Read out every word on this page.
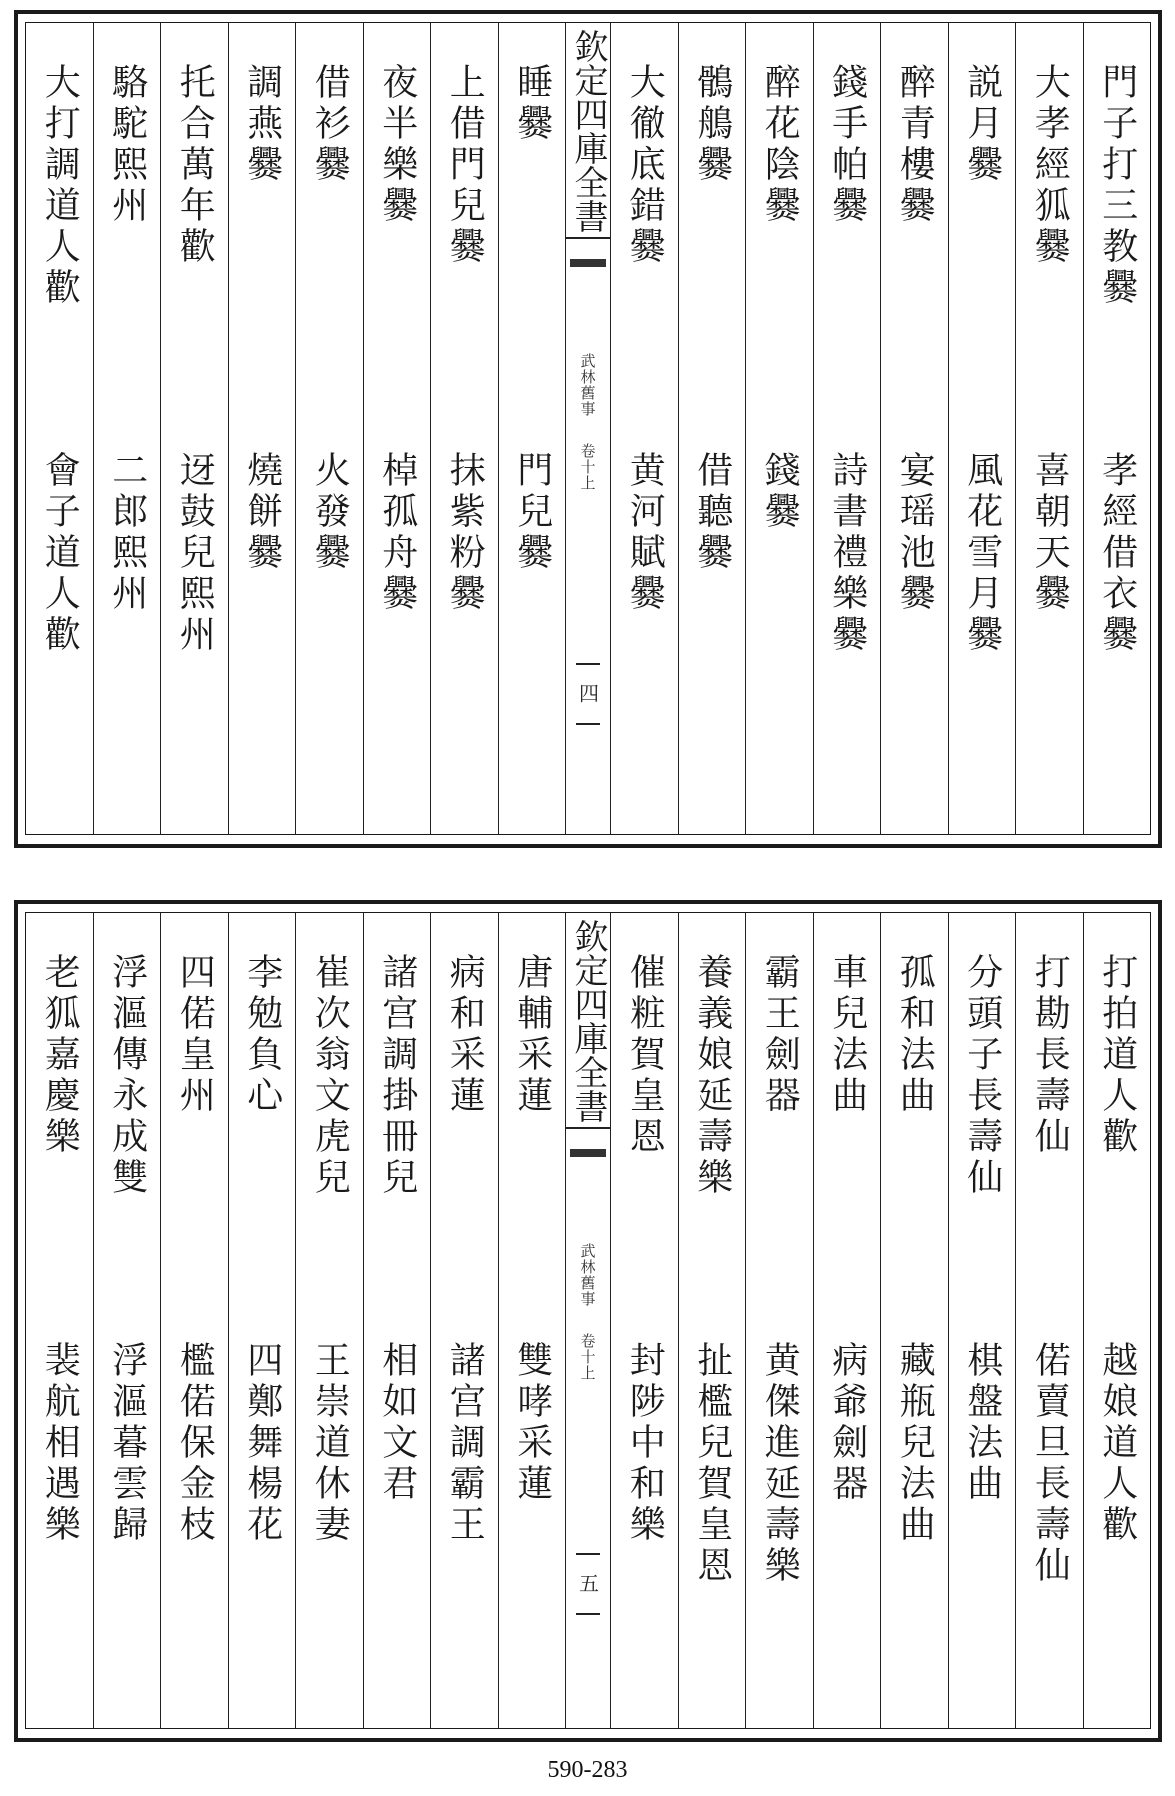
門子打三教爨
孝經借衣爨
大孝經狐爨
喜朝天爨
説月爨
風花雪月爨
醉青樓爨
宴瑶池爨
錢手帕爨
詩書禮樂爨
醉花陰爨
錢爨
鶻鵃爨
借聽爨
大徹底錯爨
黄河賦爨
欽定四庫全書
武林舊事
卷十上
四
睡爨
門兒爨
上借門兒爨
抹紫粉爨
夜半樂爨
棹孤舟爨
借衫爨
火發爨
調燕爨
燒餅爨
托合萬年歡
迓鼓兒熙州
駱駝熙州
二郎熙州
大打調道人歡
會子道人歡
打拍道人歡
越娘道人歡
打勘長壽仙
偌賣旦長壽仙
分頭子長壽仙
棋盤法曲
孤和法曲
藏瓶兒法曲
車兒法曲
病爺劍器
霸王劍器
黄傑進延壽樂
養義娘延壽樂
扯檻兒賀皇恩
催粧賀皇恩
封陟中和樂
欽定四庫全書
武林舊事
卷十上
五
唐輔采蓮
雙哮采蓮
病和采蓮
諸宫調霸王
諸宫調掛冊兒
相如文君
崔次翁文虎兒
王崇道休妻
李勉負心
四鄭舞楊花
四偌皇州
檻偌保金枝
浮漚傳永成雙
浮漚暮雲歸
老狐嘉慶樂
裴航相遇樂
590-283
